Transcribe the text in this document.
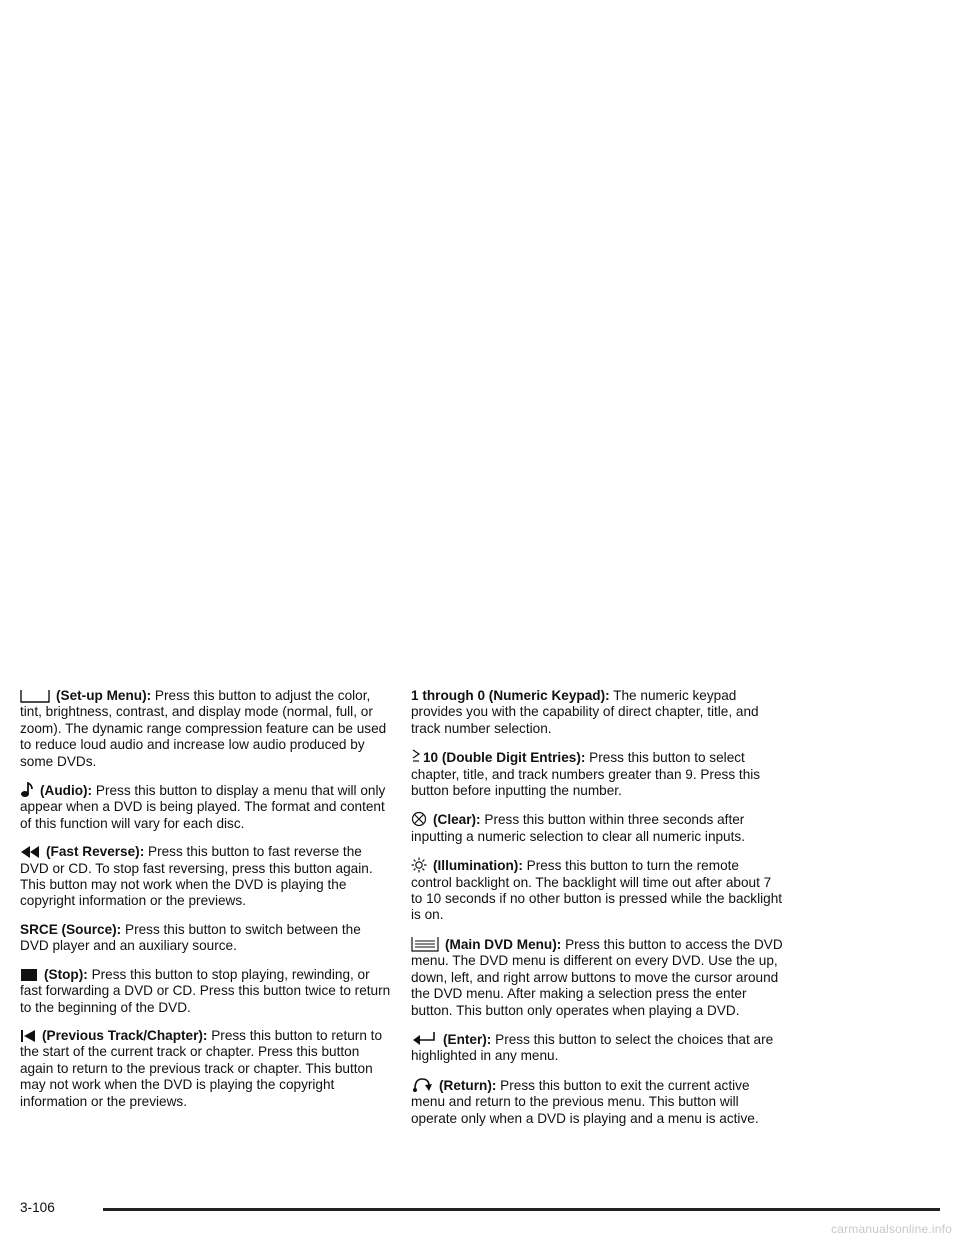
(Set-up Menu): Press this button to adjust the color, tint, brightness, contrast, and display mode (normal, full, or zoom). The dynamic range compression feature can be used to reduce loud audio and increase low audio produced by some DVDs.

(Audio): Press this button to display a menu that will only appear when a DVD is being played. The format and content of this function will vary for each disc.

(Fast Reverse): Press this button to fast reverse the DVD or CD. To stop fast reversing, press this button again. This button may not work when the DVD is playing the copyright information or the previews.

SRCE (Source): Press this button to switch between the DVD player and an auxiliary source.

(Stop): Press this button to stop playing, rewinding, or fast forwarding a DVD or CD. Press this button twice to return to the beginning of the DVD.

(Previous Track/Chapter): Press this button to return to the start of the current track or chapter. Press this button again to return to the previous track or chapter. This button may not work when the DVD is playing the copyright information or the previews.

1 through 0 (Numeric Keypad): The numeric keypad provides you with the capability of direct chapter, title, and track number selection.

10 (Double Digit Entries): Press this button to select chapter, title, and track numbers greater than 9. Press this button before inputting the number.

(Clear): Press this button within three seconds after inputting a numeric selection to clear all numeric inputs.

(Illumination): Press this button to turn the remote control backlight on. The backlight will time out after about 7 to 10 seconds if no other button is pressed while the backlight is on.

(Main DVD Menu): Press this button to access the DVD menu. The DVD menu is different on every DVD. Use the up, down, left, and right arrow buttons to move the cursor around the DVD menu. After making a selection press the enter button. This button only operates when playing a DVD.

(Enter): Press this button to select the choices that are highlighted in any menu.

(Return): Press this button to exit the current active menu and return to the previous menu. This button will operate only when a DVD is playing and a menu is active.

3-106
carmanualsonline.info
